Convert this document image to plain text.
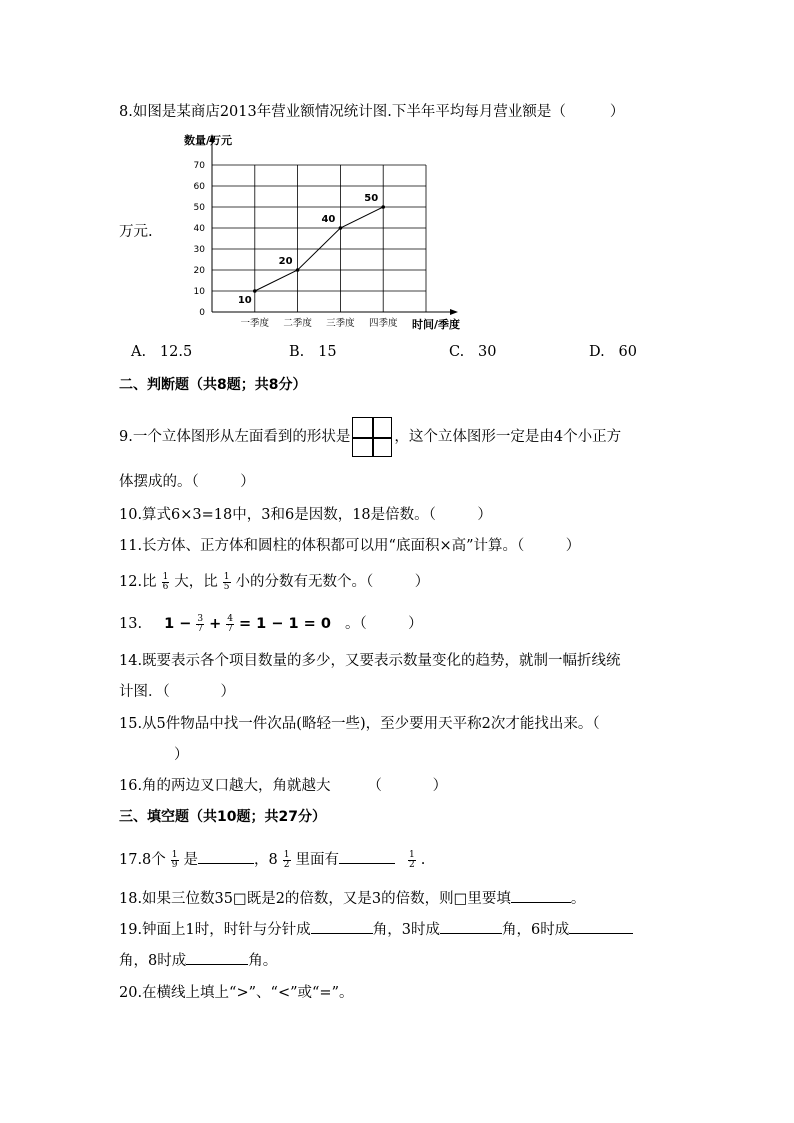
8.如图是某商店2013年营业额情况统计图.下半年平均每月营业额是（	）
万元.
0
10
20
30
40
50
60
70
数量/万元
时间/季度
一季度 二季度 三季度 四季度
10
20
40
50
A.   12.5	B.   15	C.   30	D.   60
二、判断题（共8题；共8分）
9.一个立体图形从左面看到的形状是	，这个立体图形一定是由4个小正方
体摆成的。（         ）
10.算式6×3=18中，3和6是因数，18是倍数。（         ）
11.长方体、正方体和圆柱的体积都可以用“底面积×高”计算。（         ）
12.比 $\frac{1}{6}$ 大，比 $\frac{1}{5}$ 小的分数有无数个。（         ）
13. $1 - \frac{3}{7} + \frac{4}{7} = 1 - 1 = 0$ 。（         ）
14.既要表示各个项目数量的多少，又要表示数量变化的趋势，就制一幅折线统
计图．（           ）
15.从5件物品中找一件次品(略轻一些)，至少要用天平称2次才能找出来。（
）
16.角的两边叉口越大，角就越大        （           ）
三、填空题（共10题；共27分）
17.8个 $\frac{1}{9}$ 是	，$8 \frac{1}{2}$ 里面有	$\frac{1}{2}$ .
18.如果三位数35□既是2的倍数，又是3的倍数，则□里要填	。
19.钟面上1时，时针与分针成	角，3时成	角，6时成
角，8时成	角。
20.在横线上填上“>”、“<”或“=”。
